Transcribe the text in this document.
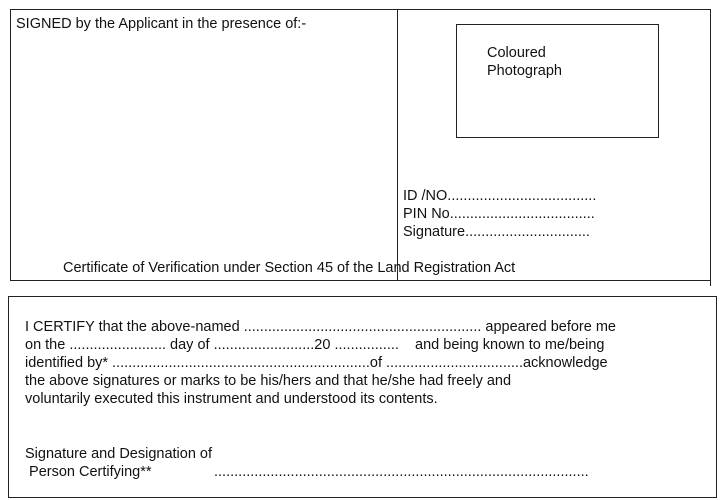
SIGNED by the Applicant in the presence of:-
Coloured
Photograph
ID /NO.....................................
PIN No....................................
Signature...............................
Certificate of Verification under Section 45 of the Land Registration Act
I CERTIFY that the above-named ........................................................... appeared before me
on the ........................ day of .........................20 ................    and being known to me/being
identified by* ................................................................of ..................................acknowledge
the above signatures or marks to be his/hers and that he/she had freely and
voluntarily executed this instrument and understood its contents.
Signature and Designation of
Person Certifying**	.............................................................................................
